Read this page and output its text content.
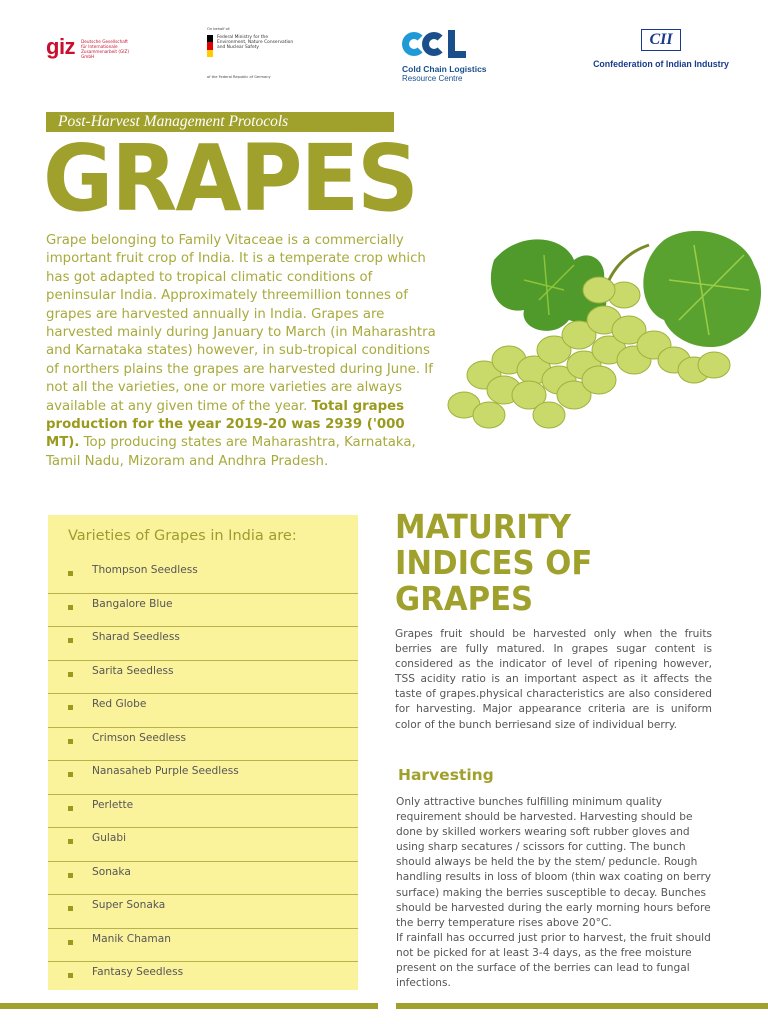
giz Deutsche Gesellschaft
für Internationale
Zusammenarbeit (GIZ) GmbH
On behalf of:
Federal Ministry for the
Environment, Nature Conservation
and Nuclear Safety
of the Federal Republic of Germany
Cold Chain Logistics
Resource Centre
CII
Confederation of Indian Industry
Post-Harvest Management Protocols
GRAPES

Grape belonging to Family Vitaceae is a commercially important fruit crop of India. It is a temperate crop which has got adapted to tropical climatic conditions of peninsular India. Approximately threemillion tonnes of grapes are harvested annually in India. Grapes are harvested mainly during January to March (in Maharashtra and Karnataka states) however, in sub-tropical conditions of northers plains the grapes are harvested during June. If not all the varieties, one or more varieties are always available at any given time of the year. Total grapes production for the year 2019-20 was 2939 ('000 MT). Top producing states are Maharashtra, Karnataka, Tamil Nadu, Mizoram and Andhra Pradesh.

Varieties of Grapes in India are:
Thompson Seedless
Bangalore Blue
Sharad Seedless
Sarita Seedless
Red Globe
Crimson Seedless
Nanasaheb Purple Seedless
Perlette
Gulabi
Sonaka
Super Sonaka
Manik Chaman
Fantasy Seedless
MATURITY
INDICES OF
GRAPES
Grapes fruit should be harvested only when the fruits berries are fully matured. In grapes sugar content is considered as the indicator of level of ripening however, TSS acidity ratio is an important aspect as it affects the taste of grapes.physical characteristics are also considered for harvesting. Major appearance criteria are is uniform color of the bunch berriesand size of individual berry.
Harvesting

Only attractive bunches fulfilling minimum quality requirement should be harvested. Harvesting should be done by skilled workers wearing soft rubber gloves and using sharp secatures / scissors for cutting. The bunch should always be held the by the stem/ peduncle. Rough handling results in loss of bloom (thin wax coating on berry surface) making the berries susceptible to decay. Bunches should be harvested during the early morning hours before the berry temperature rises above 20°C.

If rainfall has occurred just prior to harvest, the fruit should not be picked for at least 3-4 days, as the free moisture present on the surface of the berries can lead to fungal infections.
